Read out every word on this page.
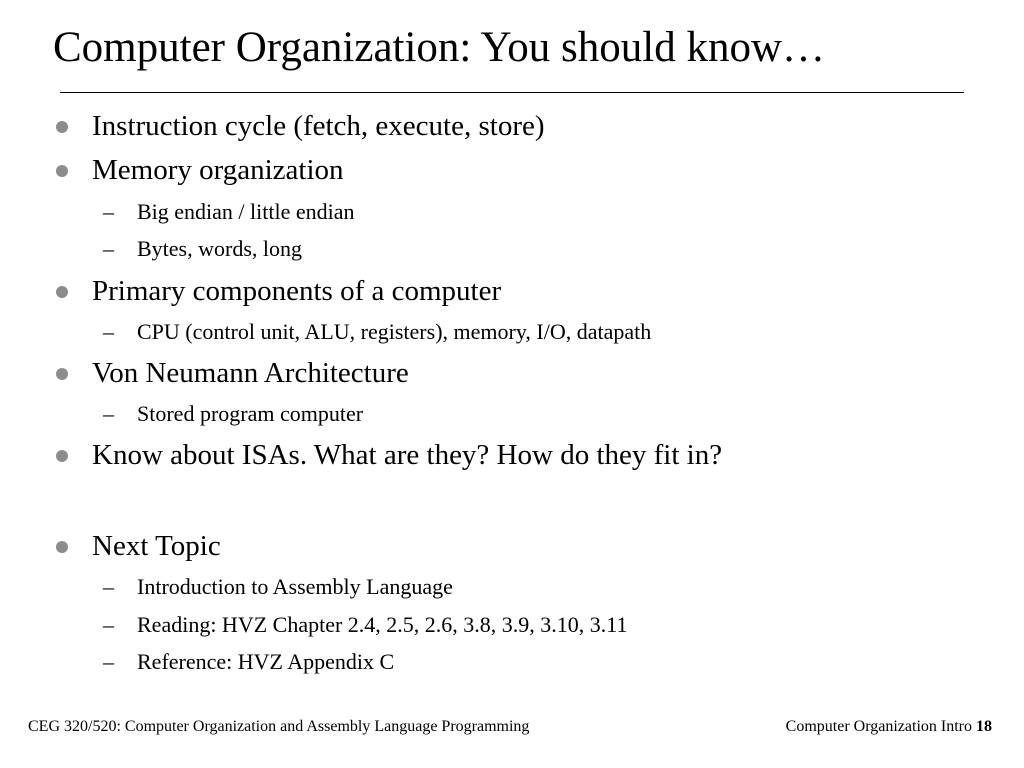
Computer Organization: You should know…
Instruction cycle (fetch, execute, store)
Memory organization
– Big endian / little endian
– Bytes, words, long
Primary components of a computer
– CPU (control unit, ALU, registers), memory, I/O, datapath
Von Neumann Architecture
– Stored program computer
Know about ISAs. What are they? How do they fit in?
Next Topic
– Introduction to Assembly Language
– Reading: HVZ Chapter 2.4, 2.5, 2.6, 3.8, 3.9, 3.10, 3.11
– Reference: HVZ Appendix C
CEG 320/520: Computer Organization and Assembly Language Programming	Computer Organization Intro 18
